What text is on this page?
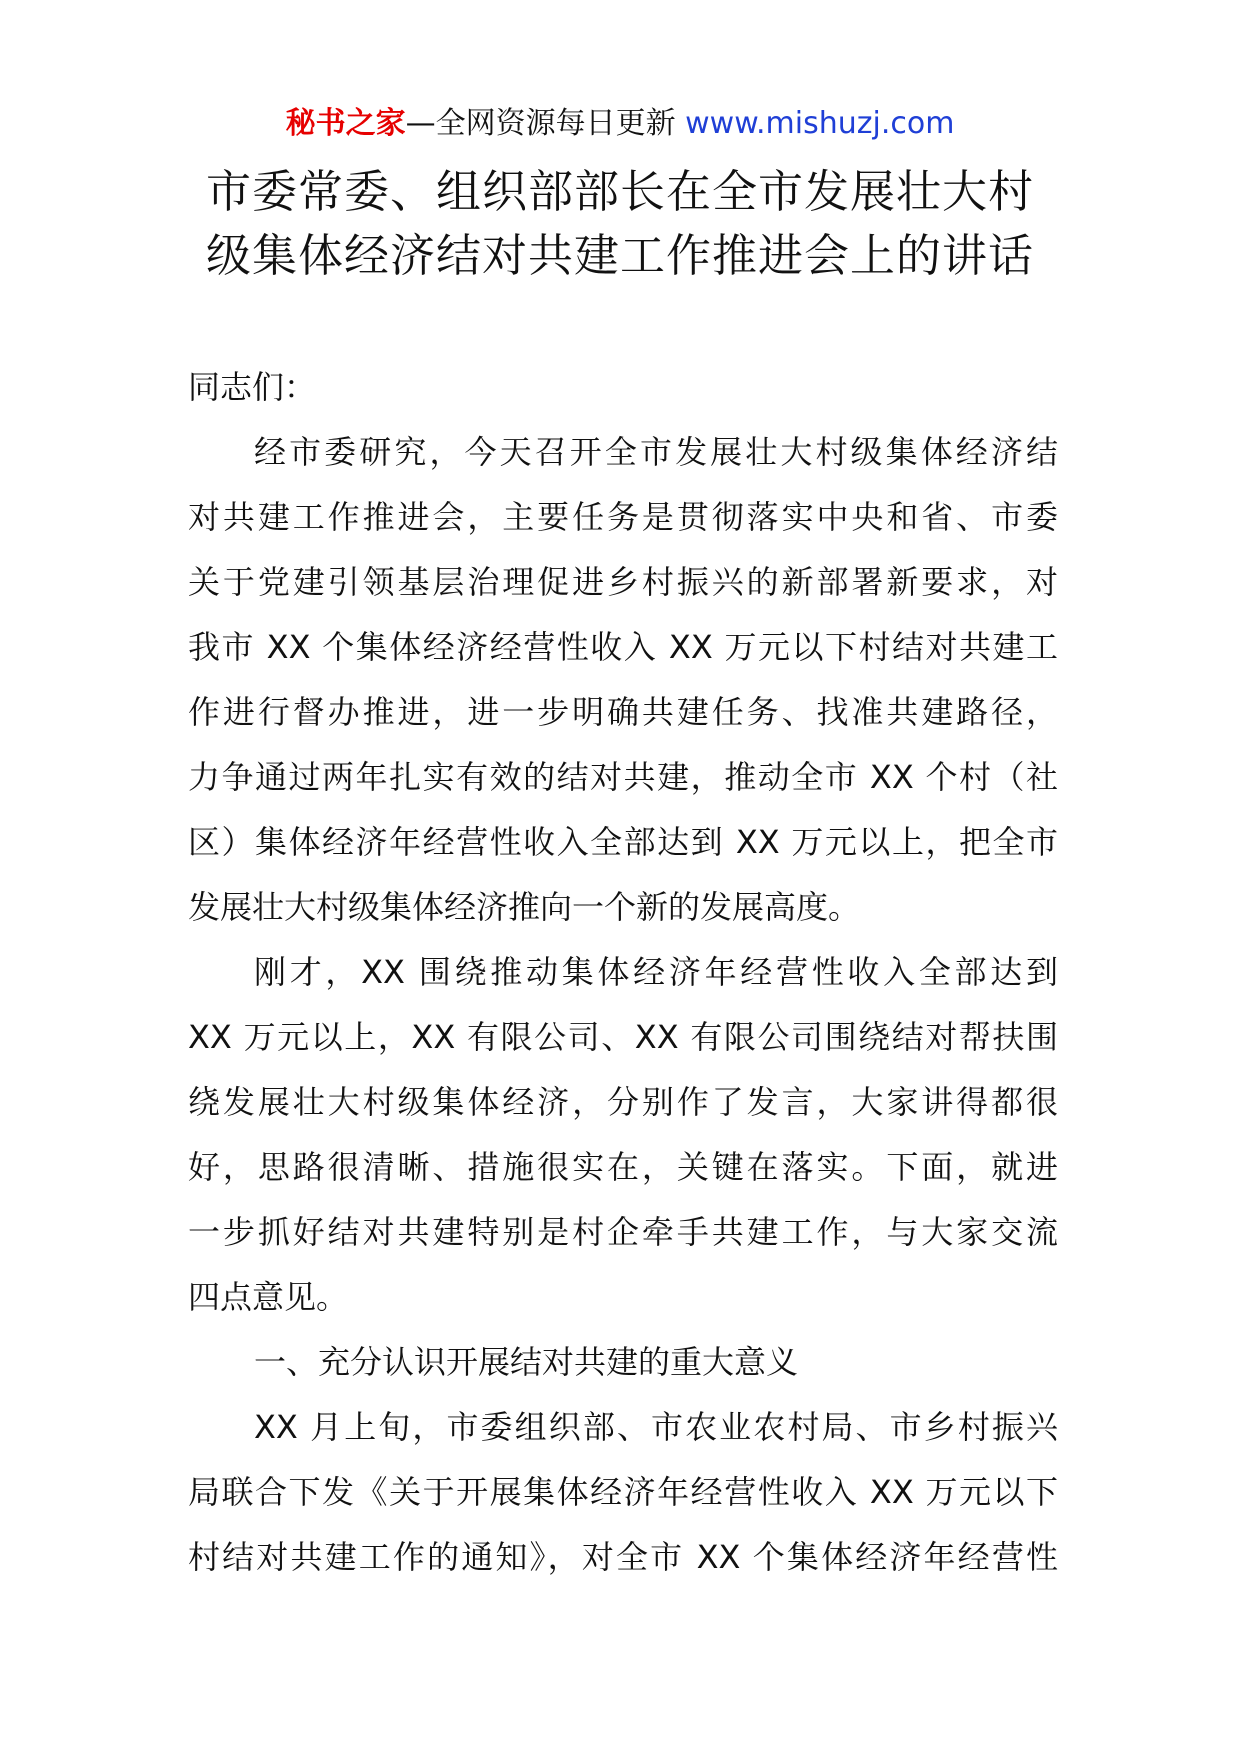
秘书之家—全网资源每日更新 www.mishuzj.com
市委常委、组织部部长在全市发展壮大村
级集体经济结对共建工作推进会上的讲话
同志们：
经市委研究，今天召开全市发展壮大村级集体经济结
对共建工作推进会，主要任务是贯彻落实中央和省、市委
关于党建引领基层治理促进乡村振兴的新部署新要求，对
我市 XX 个集体经济经营性收入 XX 万元以下村结对共建工
作进行督办推进，进一步明确共建任务、找准共建路径，
力争通过两年扎实有效的结对共建，推动全市 XX 个村（社
区）集体经济年经营性收入全部达到 XX 万元以上，把全市
发展壮大村级集体经济推向一个新的发展高度。
刚才，XX 围绕推动集体经济年经营性收入全部达到
XX 万元以上，XX 有限公司、XX 有限公司围绕结对帮扶围
绕发展壮大村级集体经济，分别作了发言，大家讲得都很
好，思路很清晰、措施很实在，关键在落实。下面，就进
一步抓好结对共建特别是村企牵手共建工作，与大家交流
四点意见。
一、充分认识开展结对共建的重大意义
XX 月上旬，市委组织部、市农业农村局、市乡村振兴
局联合下发《关于开展集体经济年经营性收入 XX 万元以下
村结对共建工作的通知》，对全市 XX 个集体经济年经营性
